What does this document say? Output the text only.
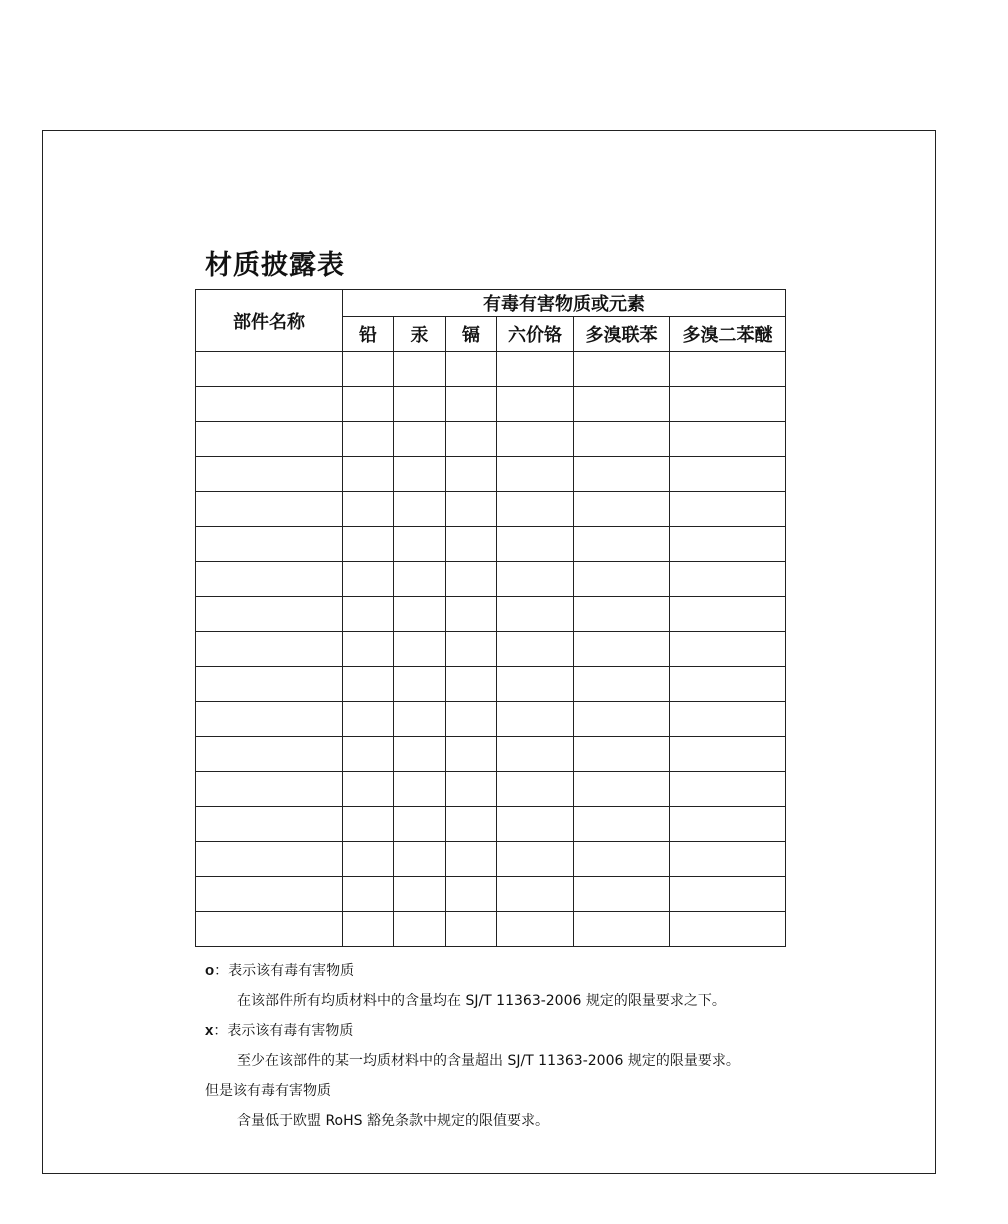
材质披露表
部件名称	有毒有害物质或元素					
	铅	汞	镉	六价铬	多溴联苯	多溴二苯醚

o：表示该有毒有害物质
在该部件所有均质材料中的含量均在 SJ/T 11363-2006 规定的限量要求之下。
x：表示该有毒有害物质
至少在该部件的某一均质材料中的含量超出 SJ/T 11363-2006 规定的限量要求。
但是该有毒有害物质
含量低于欧盟 RoHS 豁免条款中规定的限值要求。
